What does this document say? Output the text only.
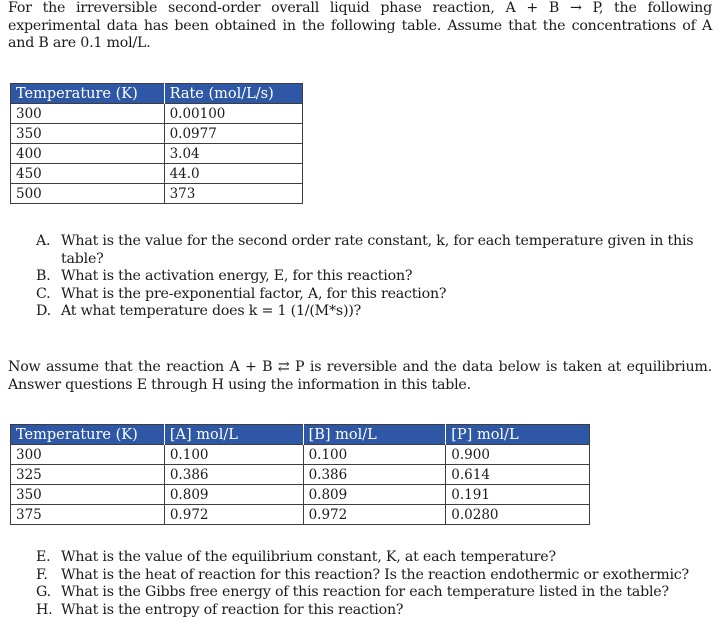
For the irreversible second-order overall liquid phase reaction, A + B → P, the following experimental data has been obtained in the following table. Assume that the concentrations of A and B are 0.1 mol/L.

Temperature (K)	Rate (mol/L/s)
300	0.00100
350	0.0977
400	3.04
450	44.0
500	373
A. What is the value for the second order rate constant, k, for each temperature given in this table?
B. What is the activation energy, E, for this reaction?
C. What is the pre-exponential factor, A, for this reaction?
D. At what temperature does k = 1 (1/(M*s))?

Now assume that the reaction A + B ⇄ P is reversible and the data below is taken at equilibrium. Answer questions E through H using the information in this table.

Temperature (K)	[A] mol/L	[B] mol/L	[P] mol/L
300	0.100	0.100	0.900
325	0.386	0.386	0.614
350	0.809	0.809	0.191
375	0.972	0.972	0.0280
E. What is the value of the equilibrium constant, K, at each temperature?
F. What is the heat of reaction for this reaction? Is the reaction endothermic or exothermic?
G. What is the Gibbs free energy of this reaction for each temperature listed in the table?
H. What is the entropy of reaction for this reaction?
